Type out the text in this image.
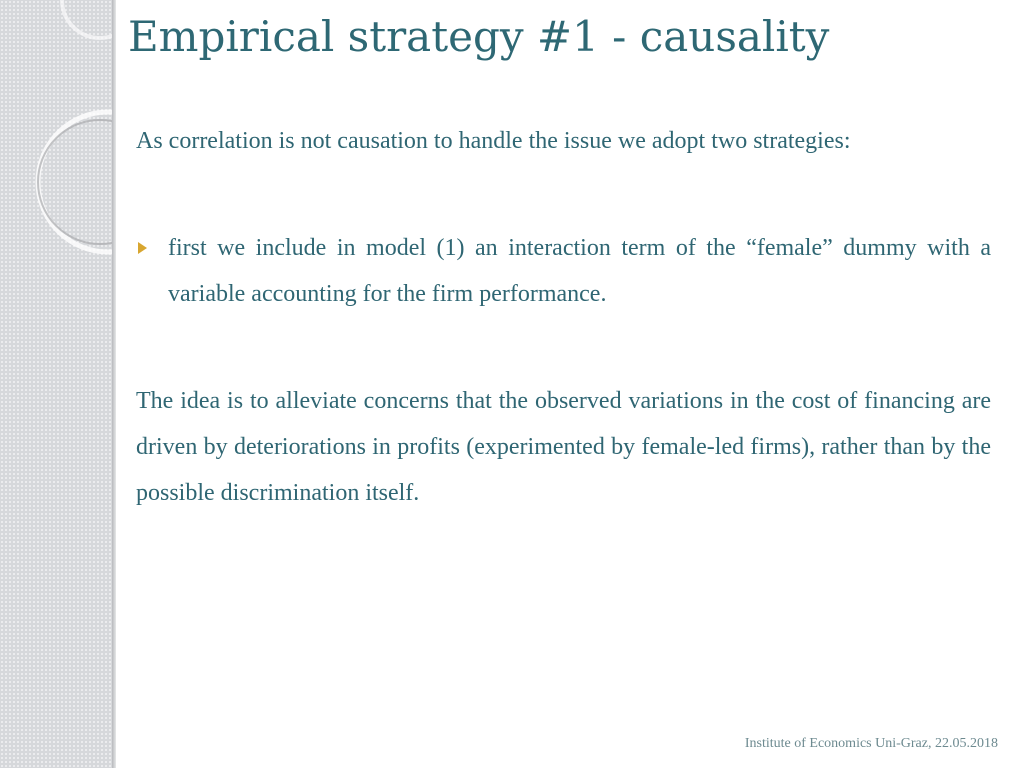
Empirical strategy #1 - causality

As correlation is not causation to handle the issue we adopt two strategies:

first we include in model (1) an interaction term of the “female” dummy with a variable accounting for the firm performance.

The idea is to alleviate concerns that the observed variations in the cost of financing are driven by deteriorations in profits (experimented by female-led firms), rather than by the possible discrimination itself.

Institute of Economics Uni-Graz, 22.05.2018
